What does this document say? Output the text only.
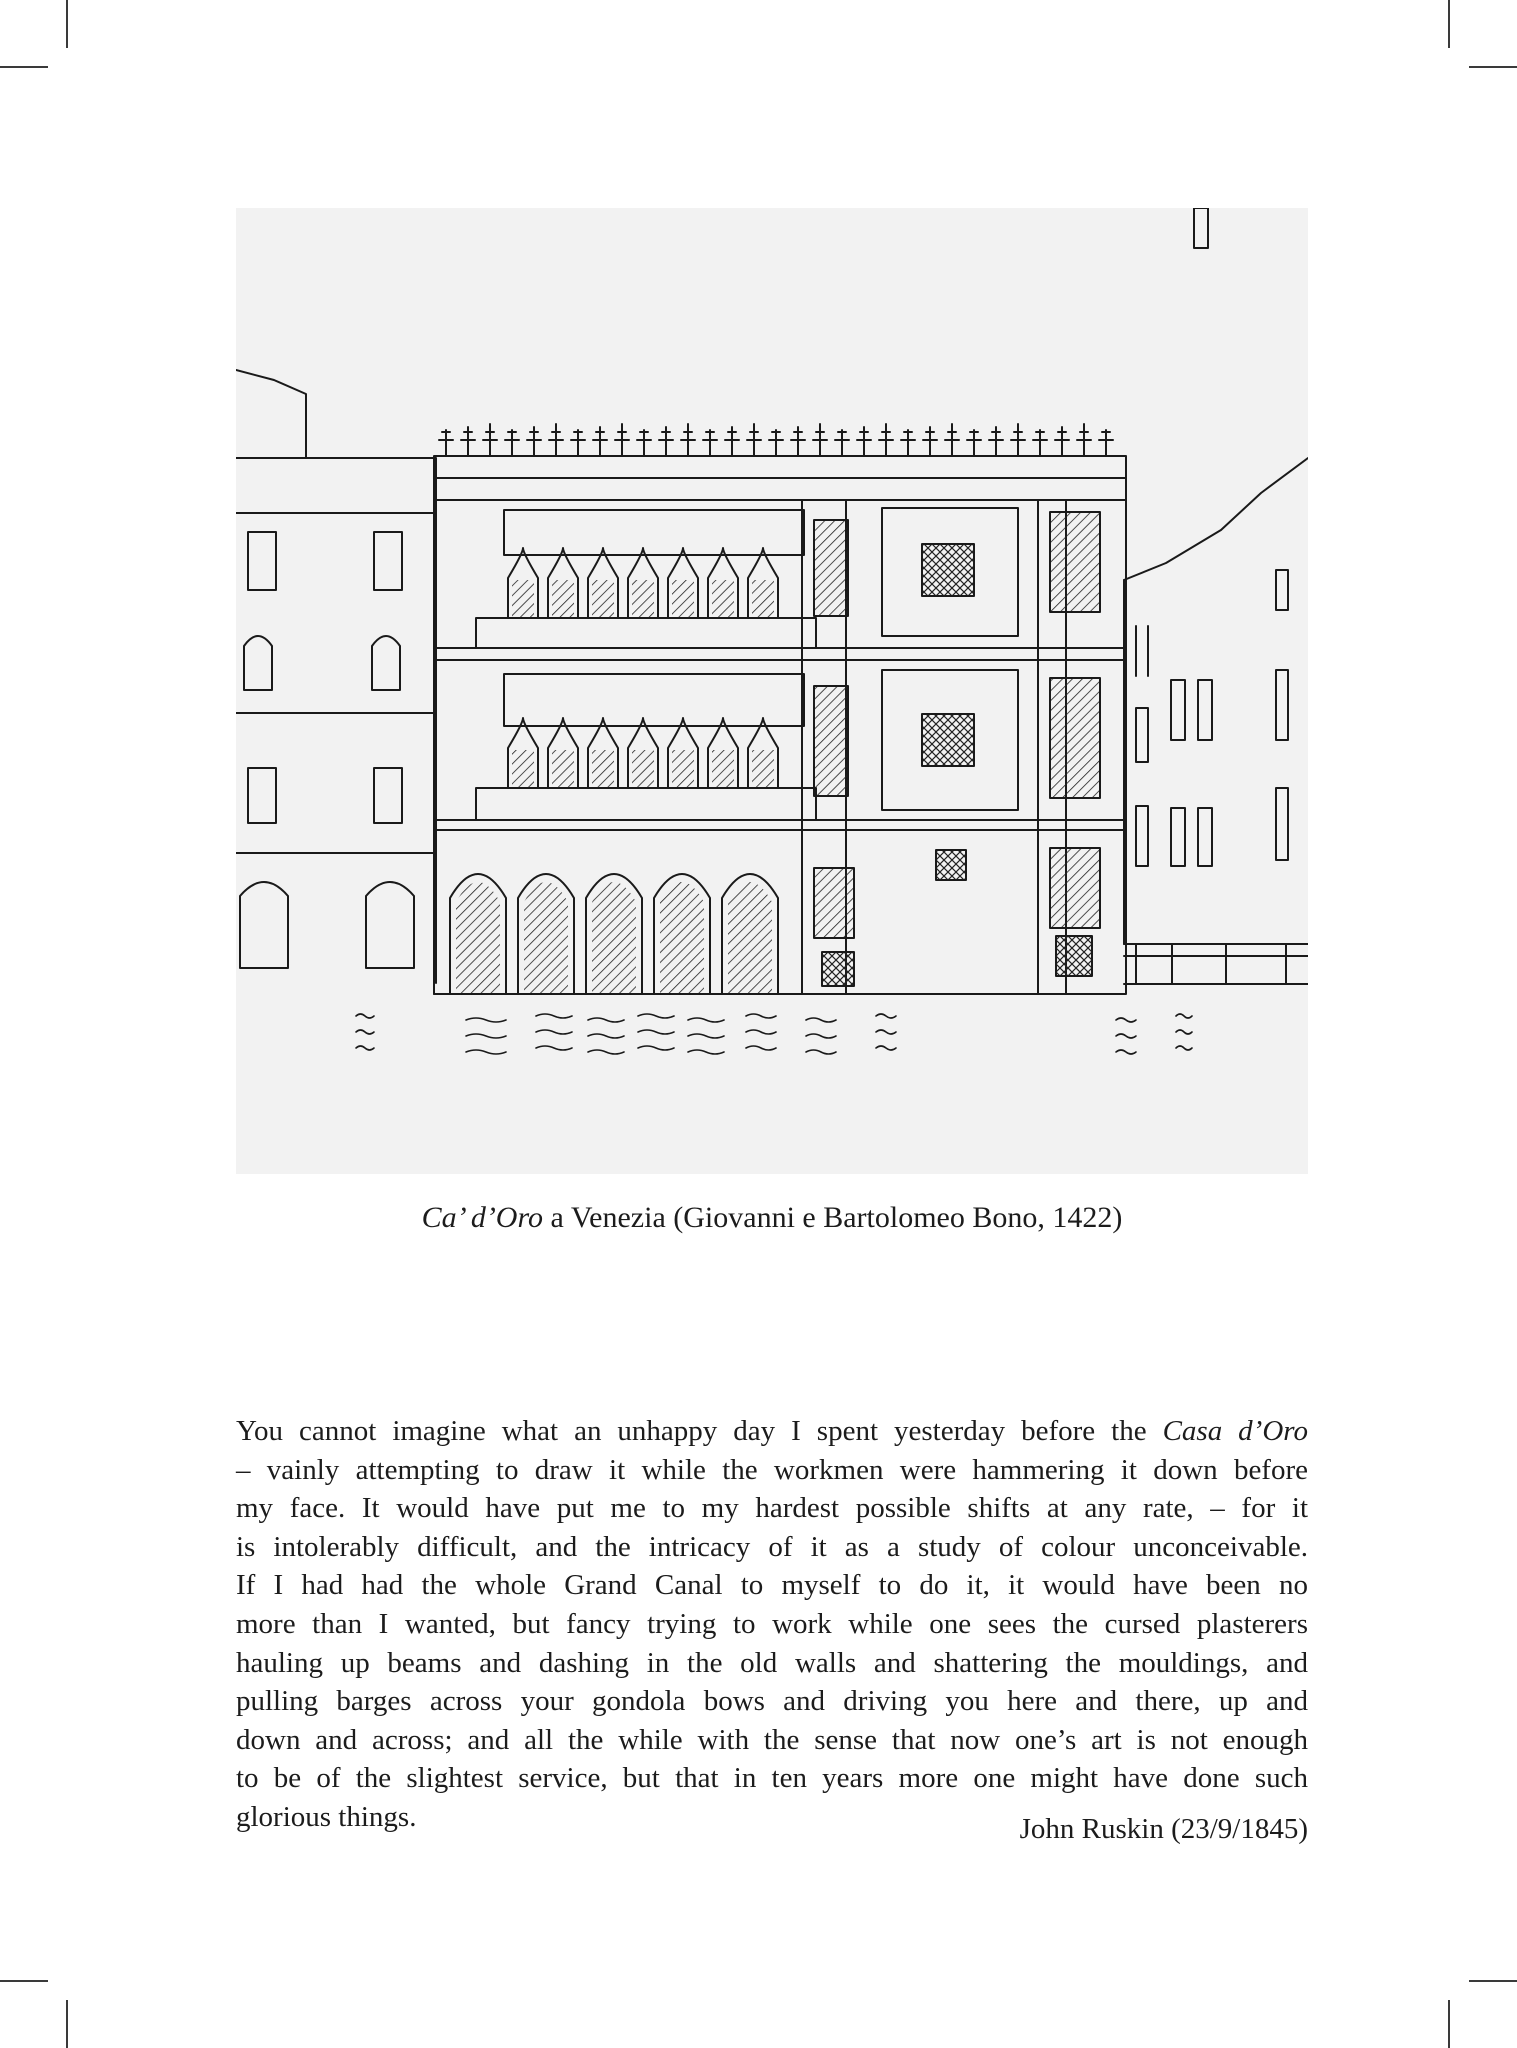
Ca’ d’Oro a Venezia (Giovanni e Bartolomeo Bono, 1422)
You cannot imagine what an unhappy day I spent yesterday before the Casa d’Oro
– vainly attempting to draw it while the workmen were hammering it down before
my face. It would have put me to my hardest possible shifts at any rate, – for it
is intolerably difficult, and the intricacy of it as a study of colour unconceivable.
If I had had the whole Grand Canal to myself to do it, it would have been no
more than I wanted, but fancy trying to work while one sees the cursed plasterers
hauling up beams and dashing in the old walls and shattering the mouldings, and
pulling barges across your gondola bows and driving you here and there, up and
down and across; and all the while with the sense that now one’s art is not enough
to be of the slightest service, but that in ten years more one might have done such
glorious things.	John Ruskin (23/9/1845)
